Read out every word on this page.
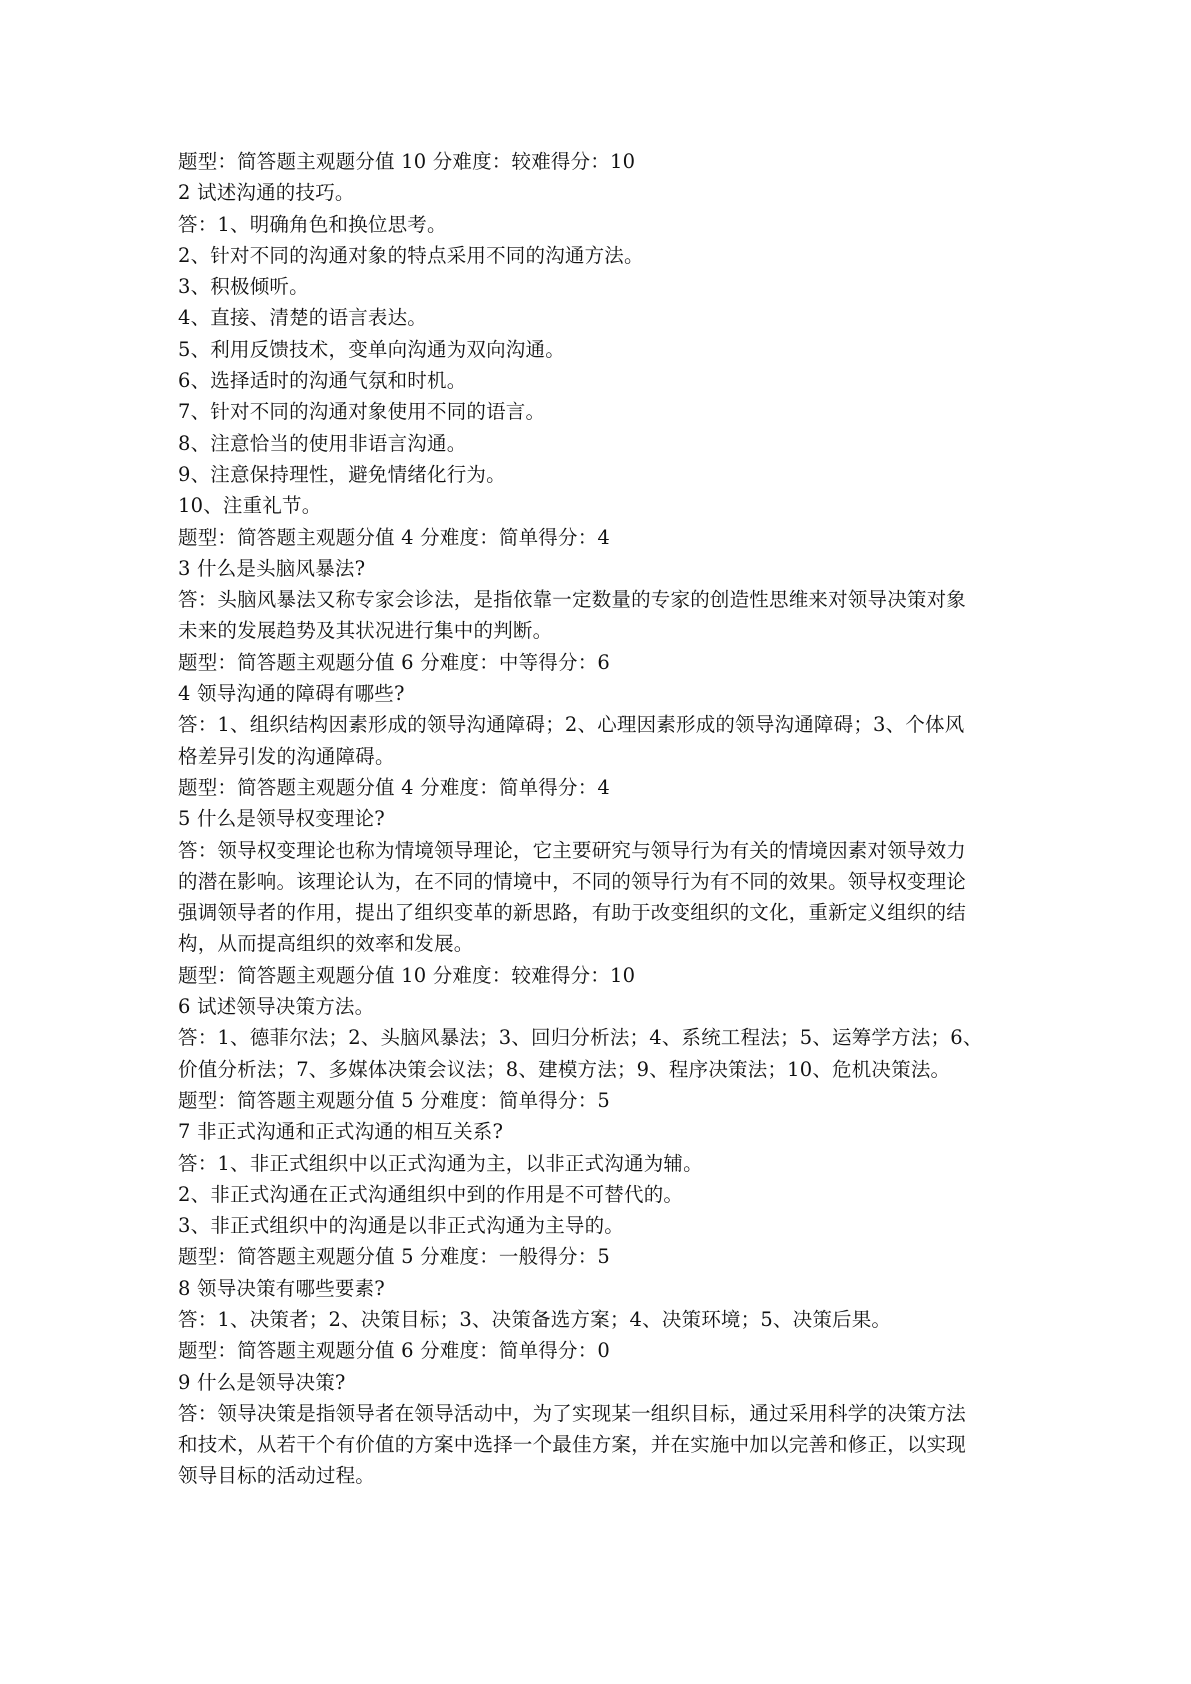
题型：简答题主观题分值 10 分难度：较难得分：10
2 试述沟通的技巧。
答：1、明确角色和换位思考。
2、针对不同的沟通对象的特点采用不同的沟通方法。
3、积极倾听。
4、直接、清楚的语言表达。
5、利用反馈技术，变单向沟通为双向沟通。
6、选择适时的沟通气氛和时机。
7、针对不同的沟通对象使用不同的语言。
8、注意恰当的使用非语言沟通。
9、注意保持理性，避免情绪化行为。
10、注重礼节。
题型：简答题主观题分值 4 分难度：简单得分：4
3 什么是头脑风暴法?
答：头脑风暴法又称专家会诊法，是指依靠一定数量的专家的创造性思维来对领导决策对象
未来的发展趋势及其状况进行集中的判断。
题型：简答题主观题分值 6 分难度：中等得分：6
4 领导沟通的障碍有哪些?
答：1、组织结构因素形成的领导沟通障碍；2、心理因素形成的领导沟通障碍；3、个体风
格差异引发的沟通障碍。
题型：简答题主观题分值 4 分难度：简单得分：4
5 什么是领导权变理论?
答：领导权变理论也称为情境领导理论，它主要研究与领导行为有关的情境因素对领导效力
的潜在影响。该理论认为，在不同的情境中，不同的领导行为有不同的效果。领导权变理论
强调领导者的作用，提出了组织变革的新思路，有助于改变组织的文化，重新定义组织的结
构，从而提高组织的效率和发展。
题型：简答题主观题分值 10 分难度：较难得分：10
6 试述领导决策方法。
答：1、德菲尔法；2、头脑风暴法；3、回归分析法；4、系统工程法；5、运筹学方法；6、
价值分析法；7、多媒体决策会议法；8、建模方法；9、程序决策法；10、危机决策法。
题型：简答题主观题分值 5 分难度：简单得分：5
7 非正式沟通和正式沟通的相互关系?
答：1、非正式组织中以正式沟通为主，以非正式沟通为辅。
2、非正式沟通在正式沟通组织中到的作用是不可替代的。
3、非正式组织中的沟通是以非正式沟通为主导的。
题型：简答题主观题分值 5 分难度：一般得分：5
8 领导决策有哪些要素?
答：1、决策者；2、决策目标；3、决策备选方案；4、决策环境；5、决策后果。
题型：简答题主观题分值 6 分难度：简单得分：0
9 什么是领导决策?
答：领导决策是指领导者在领导活动中，为了实现某一组织目标，通过采用科学的决策方法
和技术，从若干个有价值的方案中选择一个最佳方案，并在实施中加以完善和修正，以实现
领导目标的活动过程。
